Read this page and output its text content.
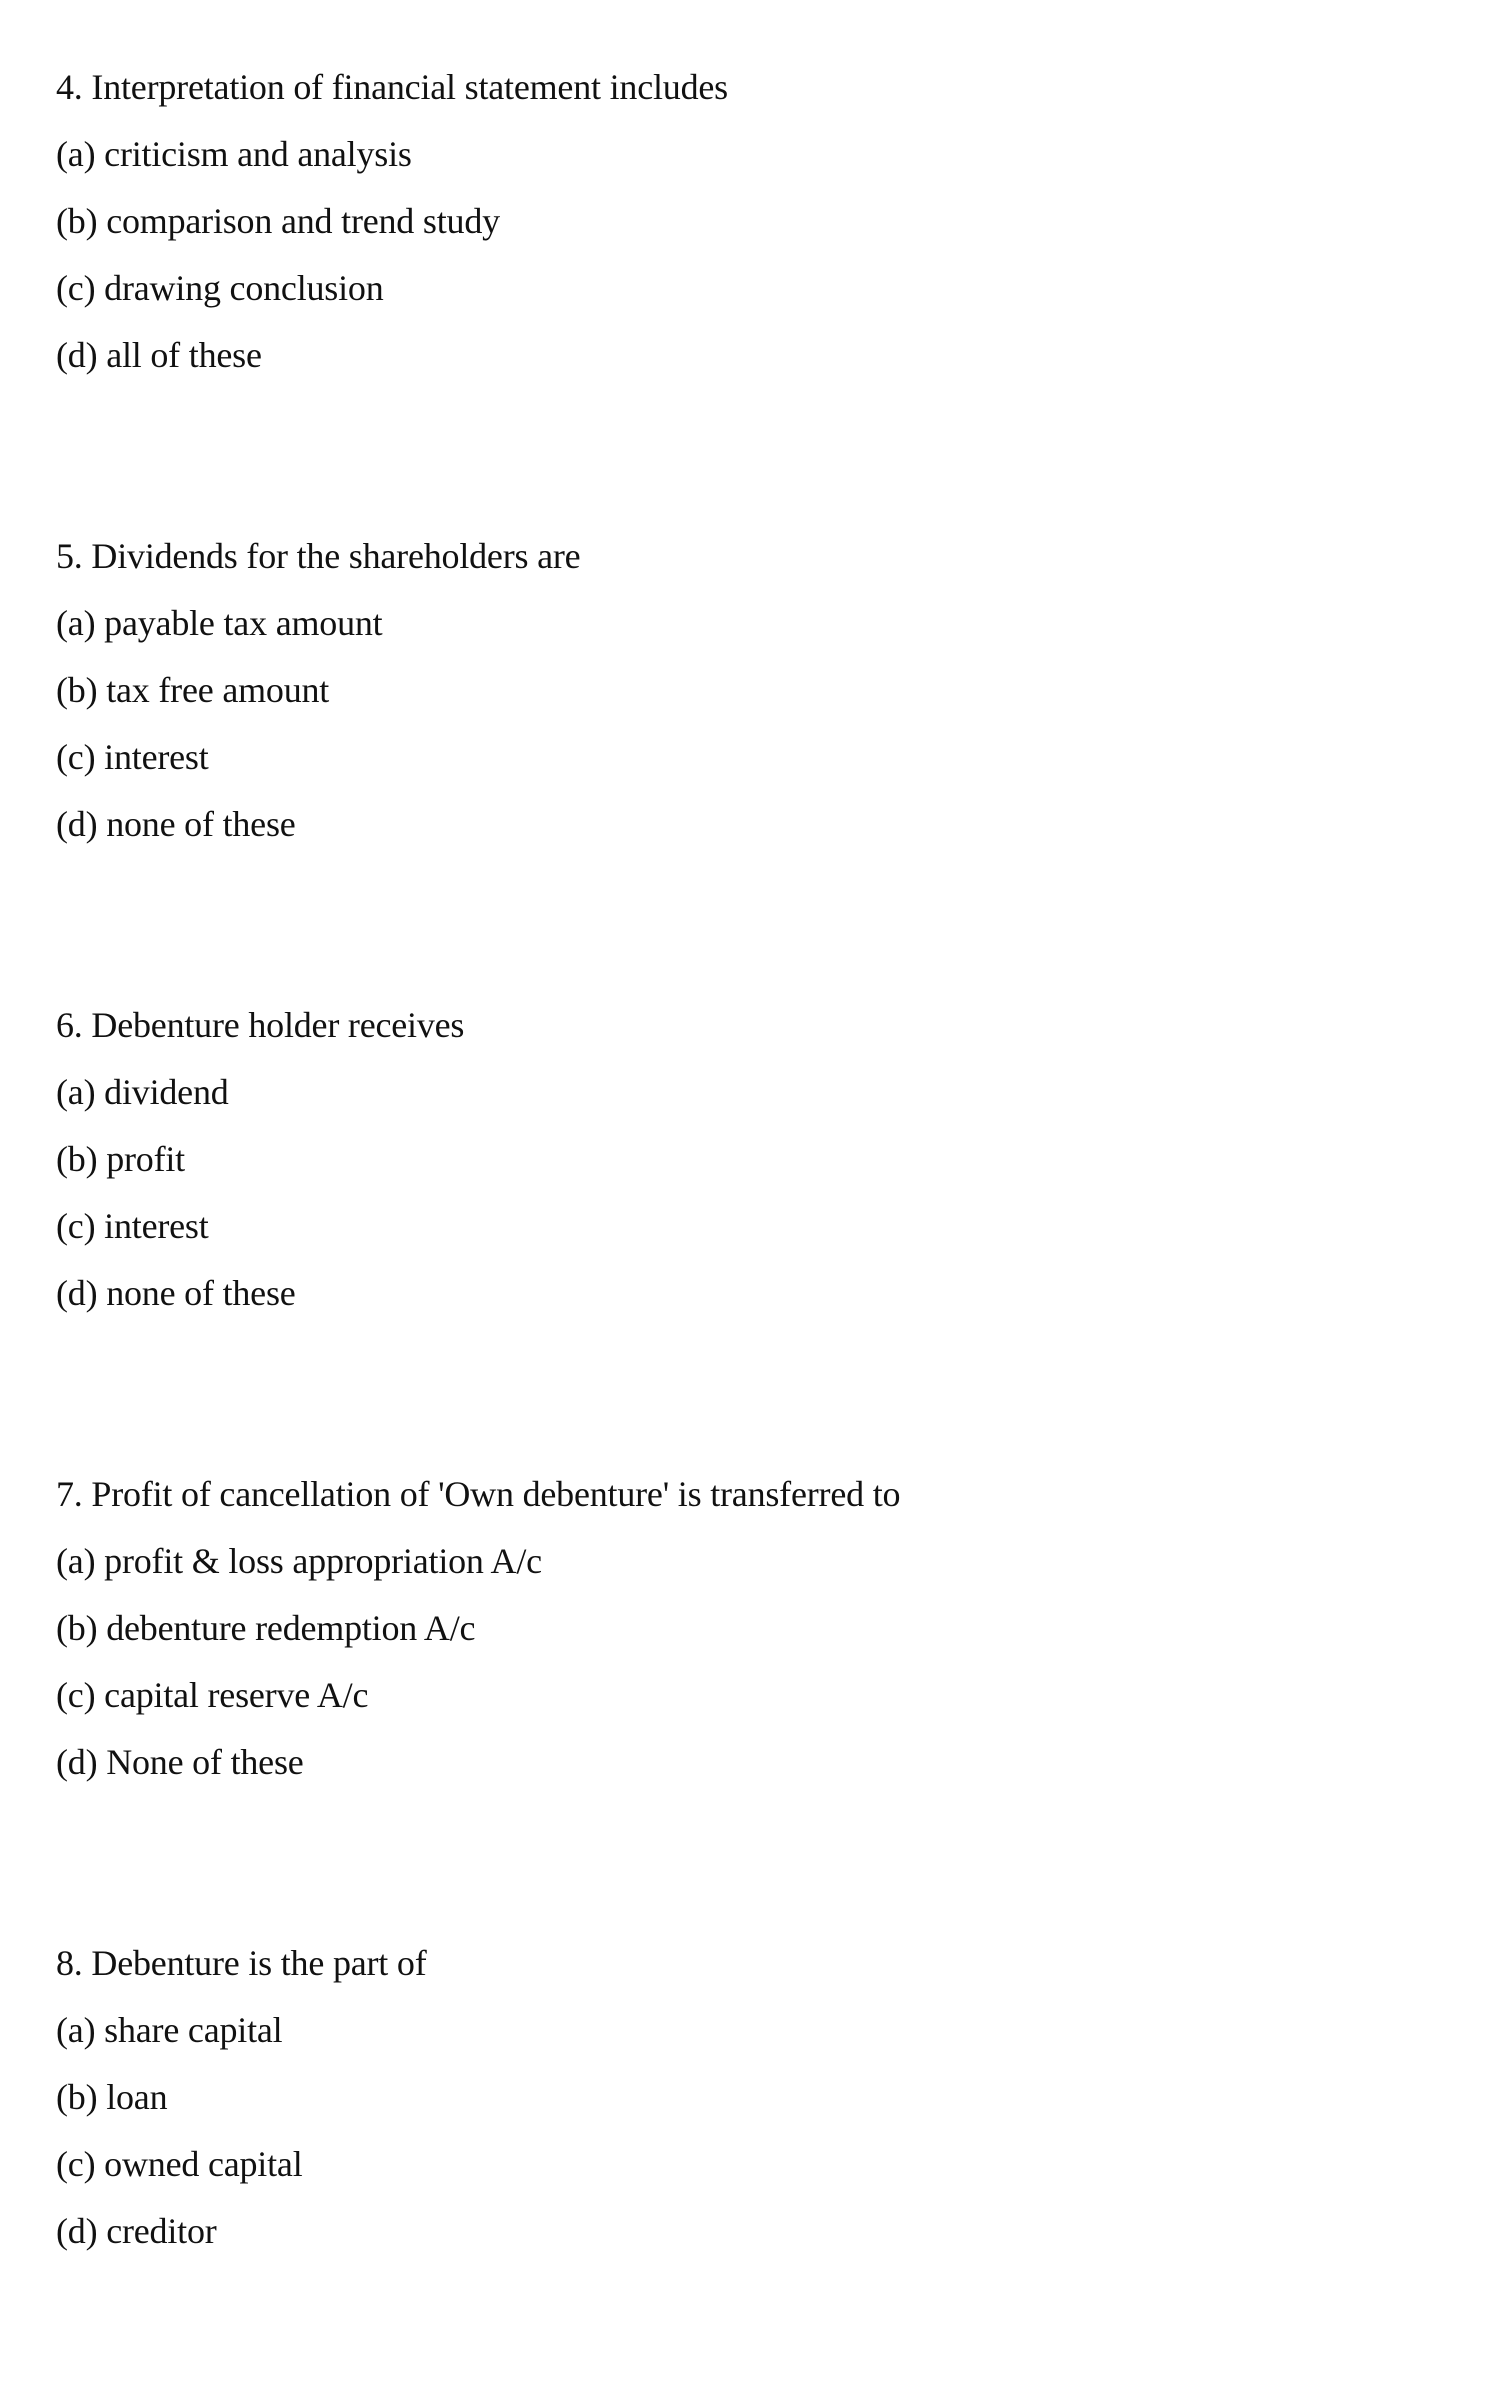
4. Interpretation of financial statement includes
(a) criticism and analysis
(b) comparison and trend study
(c) drawing conclusion
(d) all of these
5. Dividends for the shareholders are
(a) payable tax amount
(b) tax free amount
(c) interest
(d) none of these
6. Debenture holder receives
(a) dividend
(b) profit
(c) interest
(d) none of these
7. Profit of cancellation of 'Own debenture' is transferred to
(a) profit & loss appropriation A/c
(b) debenture redemption A/c
(c) capital reserve A/c
(d) None of these
8. Debenture is the part of
(a) share capital
(b) loan
(c) owned capital
(d) creditor
